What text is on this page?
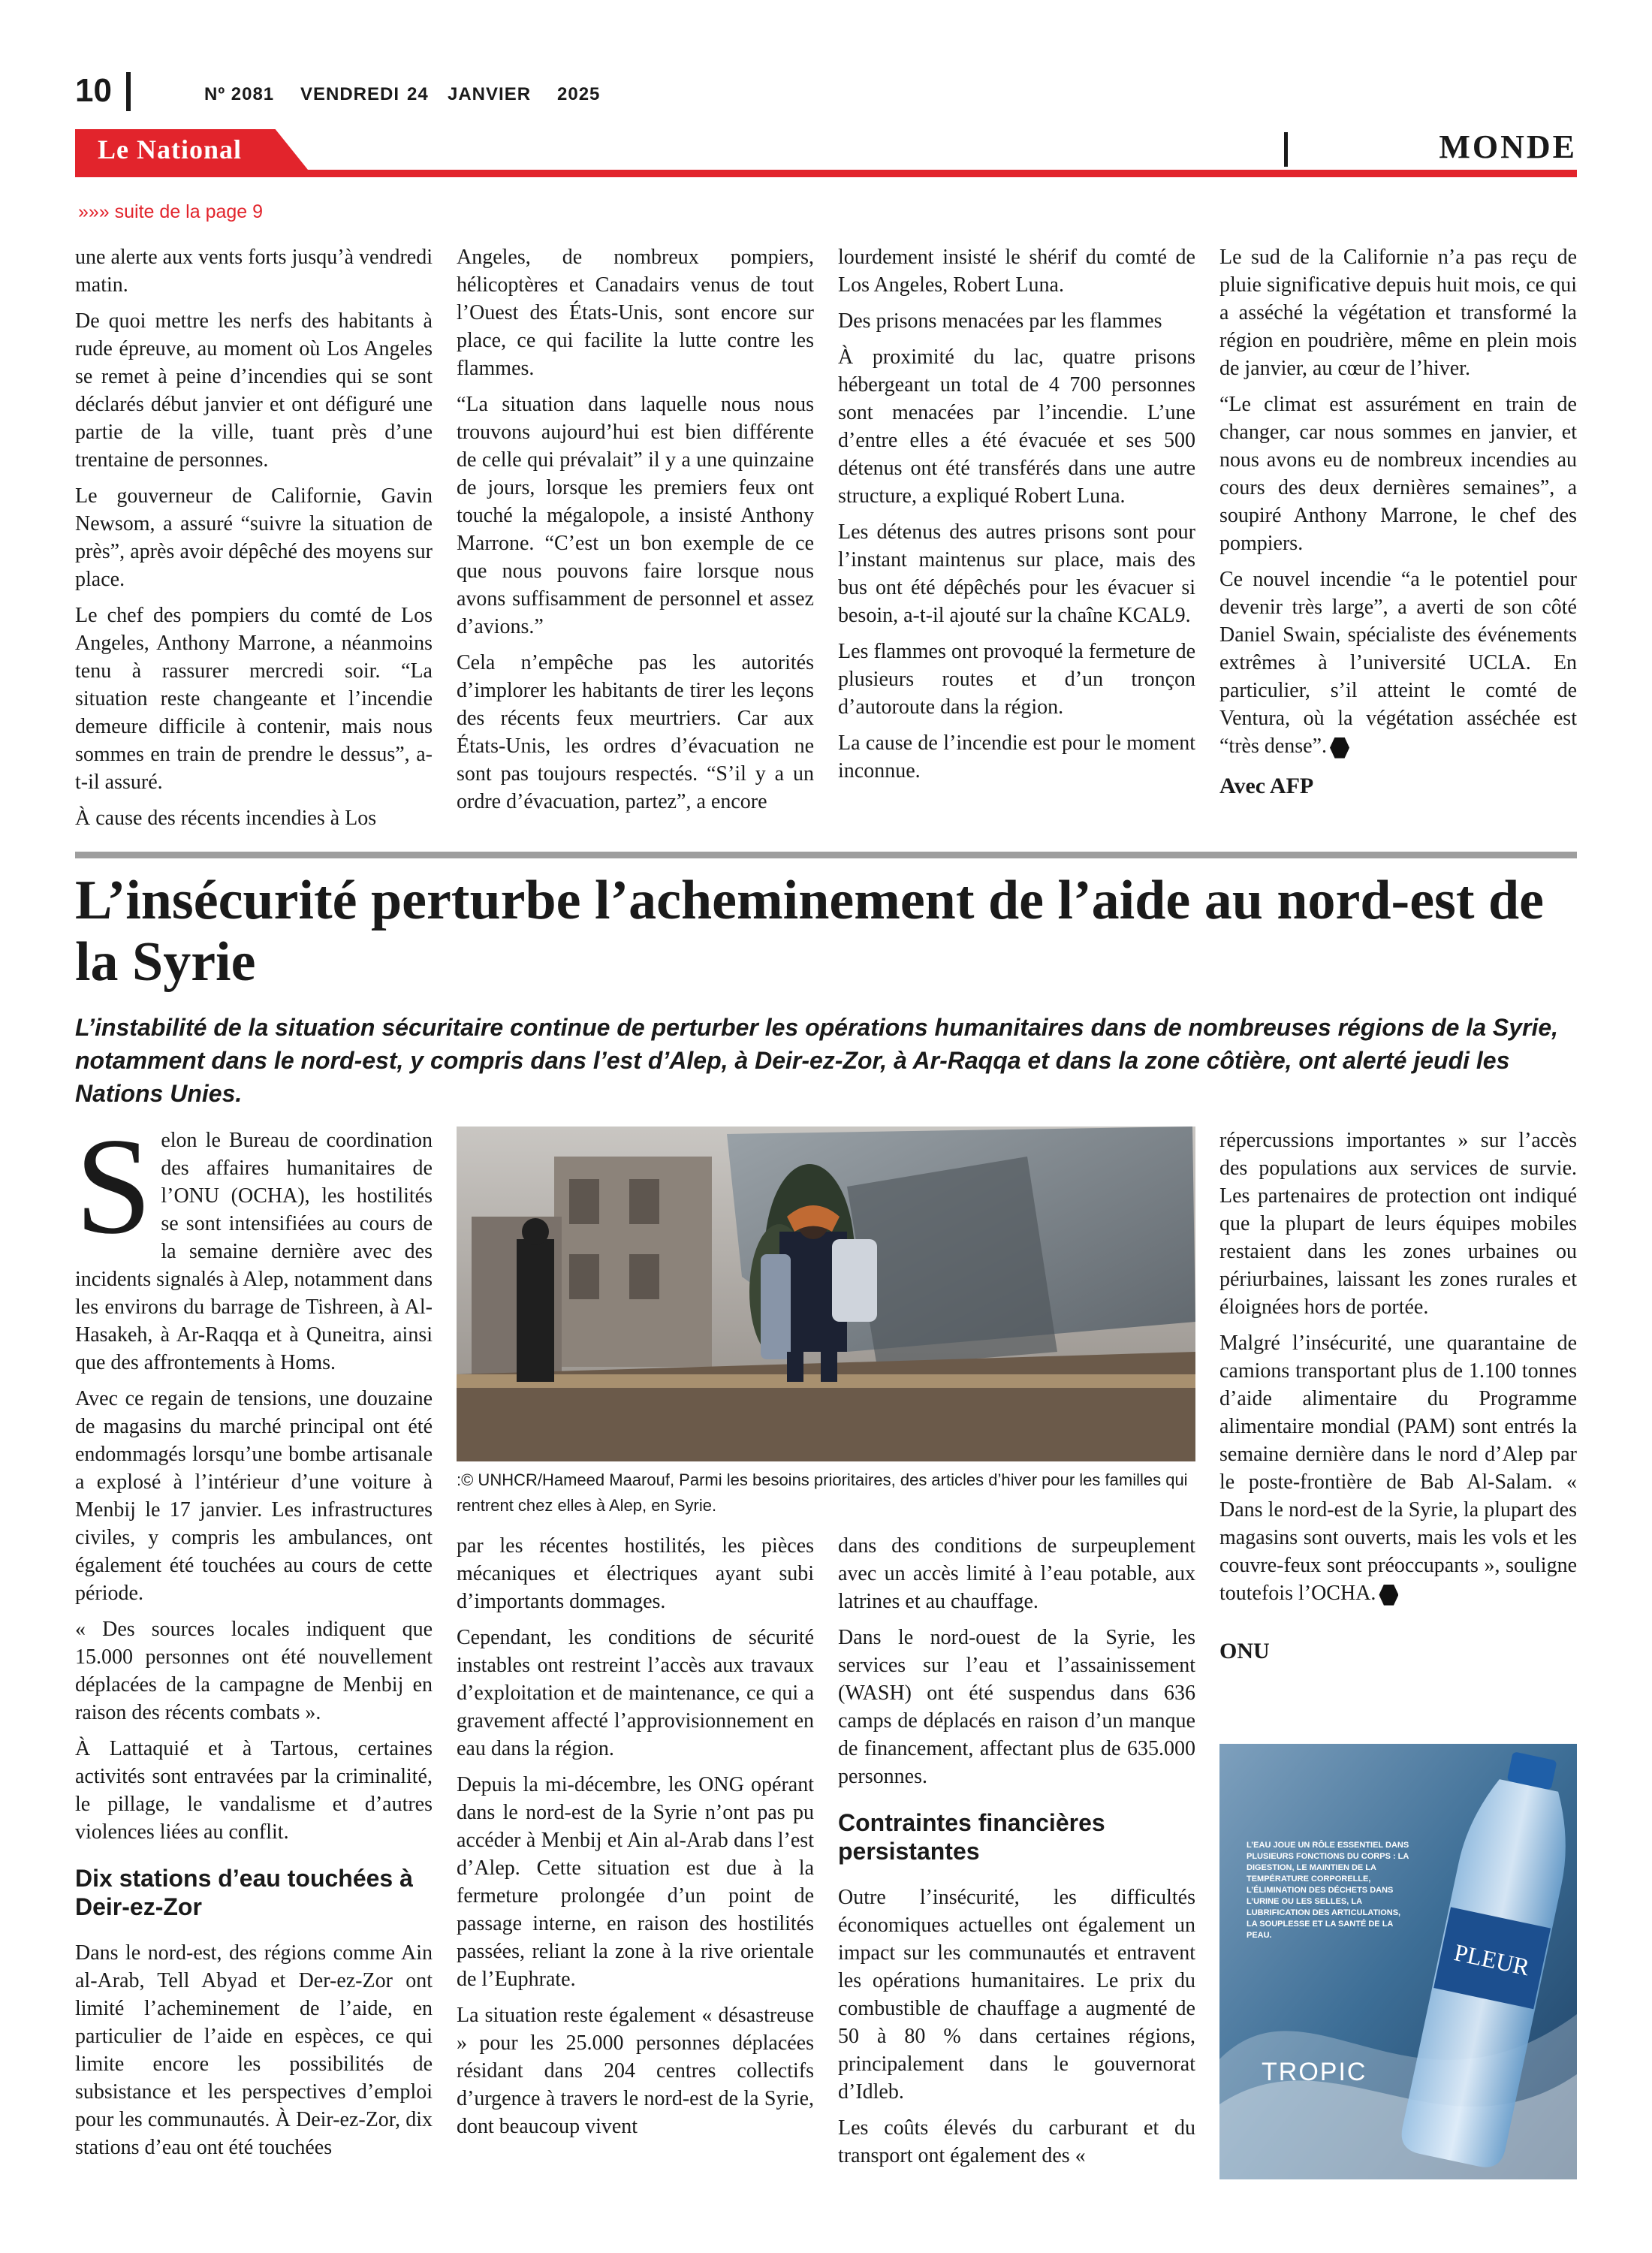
10	Nº 2081 VENDREDI 24 JANVIER 2025
Le National	MONDE
»»» suite de la page 9

une alerte aux vents forts jusqu’à vendredi matin.

De quoi mettre les nerfs des habitants à rude épreuve, au moment où Los Angeles se remet à peine d’incendies qui se sont déclarés début janvier et ont défiguré une partie de la ville, tuant près d’une trentaine de personnes.

Le gouverneur de Californie, Gavin Newsom, a assuré “suivre la situation de près”, après avoir dépêché des moyens sur place.

Le chef des pompiers du comté de Los Angeles, Anthony Marrone, a néanmoins tenu à rassurer mercredi soir. “La situation reste changeante et l’incendie demeure difficile à contenir, mais nous sommes en train de prendre le dessus”, a-t-il assuré.

À cause des récents incendies à Los

Angeles, de nombreux pompiers, hélicoptères et Canadairs venus de tout l’Ouest des États-Unis, sont encore sur place, ce qui facilite la lutte contre les flammes.

“La situation dans laquelle nous nous trouvons aujourd’hui est bien différente de celle qui prévalait” il y a une quinzaine de jours, lorsque les premiers feux ont touché la mégalopole, a insisté Anthony Marrone. “C’est un bon exemple de ce que nous pouvons faire lorsque nous avons suffisamment de personnel et assez d’avions.”

Cela n’empêche pas les autorités d’implorer les habitants de tirer les leçons des récents feux meurtriers. Car aux États-Unis, les ordres d’évacuation ne sont pas toujours respectés. “S’il y a un ordre d’évacuation, partez”, a encore

lourdement insisté le shérif du comté de Los Angeles, Robert Luna.

Des prisons menacées par les flammes

À proximité du lac, quatre prisons hébergeant un total de 4 700 personnes sont menacées par l’incendie. L’une d’entre elles a été évacuée et ses 500 détenus ont été transférés dans une autre structure, a expliqué Robert Luna.

Les détenus des autres prisons sont pour l’instant maintenus sur place, mais des bus ont été dépêchés pour les évacuer si besoin, a-t-il ajouté sur la chaîne KCAL9.

Les flammes ont provoqué la fermeture de plusieurs routes et d’un tronçon d’autoroute dans la région.

La cause de l’incendie est pour le moment inconnue.

Le sud de la Californie n’a pas reçu de pluie significative depuis huit mois, ce qui a asséché la végétation et transformé la région en poudrière, même en plein mois de janvier, au cœur de l’hiver.

“Le climat est assurément en train de changer, car nous sommes en janvier, et nous avons eu de nombreux incendies au cours des deux dernières semaines”, a soupiré Anthony Marrone, le chef des pompiers.

Ce nouvel incendie “a le potentiel pour devenir très large”, a averti de son côté Daniel Swain, spécialiste des événements extrêmes à l’université UCLA. En particulier, s’il atteint le comté de Ventura, où la végétation asséchée est “très dense”.

Avec AFP

L’insécurité perturbe l’acheminement de l’aide au nord-est de la Syrie
L’instabilité de la situation sécuritaire continue de perturber les opérations humanitaires dans de nombreuses régions de la Syrie, notamment dans le nord-est, y compris dans l’est d’Alep, à Deir-ez-Zor, à Ar-Raqqa et dans la zone côtière, ont alerté jeudi les Nations Unies.

Selon le Bureau de coordination des affaires humanitaires de l’ONU (OCHA), les hostilités se sont intensifiées au cours de la semaine dernière avec des incidents signalés à Alep, notamment dans les environs du barrage de Tishreen, à Al-Hasakeh, à Ar-Raqqa et à Quneitra, ainsi que des affrontements à Homs.

Avec ce regain de tensions, une douzaine de magasins du marché principal ont été endommagés lorsqu’une bombe artisanale a explosé à l’intérieur d’une voiture à Menbij le 17 janvier. Les infrastructures civiles, y compris les ambulances, ont également été touchées au cours de cette période.

« Des sources locales indiquent que 15.000 personnes ont été nouvellement déplacées de la campagne de Menbij en raison des récents combats ».

À Lattaquié et à Tartous, certaines activités sont entravées par la criminalité, le pillage, le vandalisme et d’autres violences liées au conflit.

Dix stations d’eau touchées à Deir-ez-Zor

Dans le nord-est, des régions comme Ain al-Arab, Tell Abyad et Der-ez-Zor ont limité l’acheminement de l’aide, en particulier de l’aide en espèces, ce qui limite encore les possibilités de subsistance et les perspectives d’emploi pour les communautés. À Deir-ez-Zor, dix stations d’eau ont été touchées

:© UNHCR/Hameed Maarouf, Parmi les besoins prioritaires, des articles d’hiver pour les familles qui rentrent chez elles à Alep, en Syrie.

par les récentes hostilités, les pièces mécaniques et électriques ayant subi d’importants dommages.

Cependant, les conditions de sécurité instables ont restreint l’accès aux travaux d’exploitation et de maintenance, ce qui a gravement affecté l’approvisionnement en eau dans la région.

Depuis la mi-décembre, les ONG opérant dans le nord-est de la Syrie n’ont pas pu accéder à Menbij et Ain al-Arab dans l’est d’Alep. Cette situation est due à la fermeture prolongée d’un point de passage interne, en raison des hostilités passées, reliant la zone à la rive orientale de l’Euphrate.

La situation reste également « désastreuse » pour les 25.000 personnes déplacées résidant dans 204 centres collectifs d’urgence à travers le nord-est de la Syrie, dont beaucoup vivent

dans des conditions de surpeuplement avec un accès limité à l’eau potable, aux latrines et au chauffage.

Dans le nord-ouest de la Syrie, les services sur l’eau et l’assainissement (WASH) ont été suspendus dans 636 camps de déplacés en raison d’un manque de financement, affectant plus de 635.000 personnes.

Contraintes financières persistantes

Outre l’insécurité, les difficultés économiques actuelles ont également un impact sur les communautés et entravent les opérations humanitaires. Le prix du combustible de chauffage a augmenté de 50 à 80 % dans certaines régions, principalement dans le gouvernorat d’Idleb.

Les coûts élevés du carburant et du transport ont également des «

répercussions importantes » sur l’accès des populations aux services de survie. Les partenaires de protection ont indiqué que la plupart de leurs équipes mobiles restaient dans les zones urbaines ou périurbaines, laissant les zones rurales et éloignées hors de portée.

Malgré l’insécurité, une quarantaine de camions transportant plus de 1.100 tonnes d’aide alimentaire du Programme alimentaire mondial (PAM) sont entrés la semaine dernière dans le nord d’Alep par le poste-frontière de Bab Al-Salam. « Dans le nord-est de la Syrie, la plupart des magasins sont ouverts, mais les vols et les couvre-feux sont préoccupants », souligne toutefois l’OCHA.

ONU

PLEUR
L’EAU JOUE UN RÔLE ESSENTIEL DANS PLUSIEURS FONCTIONS DU CORPS : LA DIGESTION, LE MAINTIEN DE LA TEMPÉRATURE CORPORELLE, L’ÉLIMINATION DES DÉCHETS DANS L’URINE OU LES SELLES, LA LUBRIFICATION DES ARTICULATIONS, LA SOUPLESSE ET LA SANTÉ DE LA PEAU.
TROPIC
